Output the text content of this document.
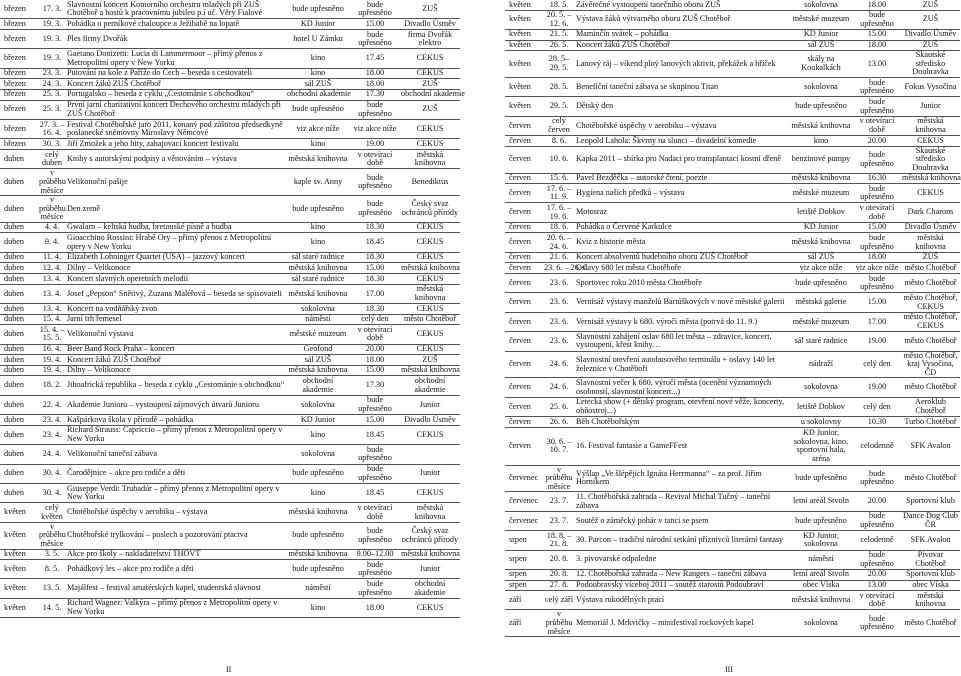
březen	17. 3.	Slavnostní koncert Komorního orchestru mladých při ZUŠ Chotěboř a hostů k pracovnímu jubileu p.í uč. Věry Fialové	bude upřesněno	bude upřesněno	ZUŠ
březen	19. 3.	Pohádka o perníkové chaloupce a Ježibabě na lopatě	KD Junior	15.00	Divadlo Úsměv
březen	19. 3.	Ples firmy Dvořák	hotel U Zámku	bude upřesněno	firma Dvořák elektro
březen	19. 3.	Gaetano Donizetti: Lucia di Lammermoor – přímý přenos z Metropolitní opery v New Yorku	kino	17.45	CEKUS
březen	23. 3.	Putování na kole z Paříže do Čech – beseda s cestovateli	kino	18.00	CEKUS
březen	24. 3.	Koncert žáků ZUŠ Chotěboř	sál ZUŠ	18.00	ZUŠ
březen	25. 3.	Portugalsko – beseda z cyklu „Cestománie s obchodkou“	obchodní akademie	17.30	obchodní akademie
březen	25. 3.	První jarní charitativní koncert Dechového orchestru mladých při ZUŠ Chotěboř	bude upřesněno	bude upřesněno	ZUŠ
březen	27. 3. – 16. 4.	Festival Chotěbořské jaro 2011, konaný pod záštitou předsedkyně poslanecké sněmovny Miroslavy Němcové	viz akce níže	viz akce níže	CEKUS
březen	30. 3.	Jiří Zmožek a jeho hity, zahajovací koncert festivalu	kino	19.00	CEKUS
duben	celý duben	Knihy s autorskými podpisy a věnováním – výstava	městská knihovna	v otevírací době	městská knihovna
duben	v průběhu měsíce	Velikonoční pašije	kaple sv. Anny	bude upřesněno	Benediktus
duben	v průběhu měsíce	Den země	bude upřesněno	bude upřesněno	Český svaz ochránců přírody
duben	4. 4.	Gwalarn – keltská hudba, bretonské písně a hudba	kino	18.30	CEKUS
duben	9. 4.	Gioacchino Rossini: Hrabě Ory – přímý přenos z Metropolitní opery v New Yorku	kino	18.45	CEKUS
duben	11. 4.	Elizabeth Lohninger Quartet (USA) – jazzový koncert	sál staré radnice	18.30	CEKUS
duben	12. 4.	Dílny – Velikonoce	městská knihovna	15.00	městská knihovna
duben	13. 4.	Koncert slavných operetních melodií	sál staré radnice	18.30	CEKUS
duben	13. 4.	Josef „Pepson“ Snětivý, Zuzana Maléřová – beseda se spisovateli	městská knihovna	17.00	městská knihovna
duben	13. 4.	Koncert na vodňářský zvon	sokolovna	18.30	CEKUS
duben	15. 4.	Jarní trh řemesel	náměstí	celý den	město Chotěboř
duben	15. 4. – 15. 5.	Velikonoční výstava	městské muzeum	v otevírací době	CEKUS
duben	16. 4.	Beer Band Rock Praha – koncert	Geofond	20.00	CEKUS
duben	19. 4.	Koncert žáků ZUŠ Chotěboř	sál ZUŠ	18.00	ZUŠ
duben	19. 4.	Dílny – Velikonoce	městská knihovna	15.00	městská knihovna
duben	18. 2.	Jihoafrická republika – beseda z cyklu „Cestománie s obchodkou“	obchodní akademie	17.30	obchodní akademie
duben	22. 4.	Akademie Junioru – vystoupení zájmových útvarů Junioru	sokolovna	bude upřesněno	Junior
duben	23. 4.	Kašpárkova škola v přírodě – pohádka	KD Junior	15.00	Divadlo Úsměv
duben	23. 4.	Richard Strauss: Capriccio – přímý přenos z Metropolitní opery v New Yorku	kino	18.45	CEKUS
duben	24. 4.	Velikonoční taneční zábava	sokolovna	bude upřesněno	
duben	30. 4.	Čarodějnice – akce pro rodiče a děti	bude upřesněno	bude upřesněno	Junior
duben	30. 4.	Giuseppe Verdi: Trubadúr – přímý přenos z Metropolitní opery v New Yorku	kino	18.45	CEKUS
květen	celý květen	Chotěbořské úspěchy v aerobiku – výstava	městská knihovna	v otevírací době	městská knihovna
květen	v průběhu měsíce	Chotěbořské trylkování – poslech a pozorování ptactva	bude upřesněno	bude upřesněno	Český svaz ochránců přírody
květen	3. 5.	Akce pro školy – nakladatelství THOVT	městská knihovna	9.00–12.00	městská knihovna
květen	8. 5.	Pohádkový les – akce pro rodiče a děti	bude upřesněno	bude upřesněno	Junior
květen	13. 5.	Majálfest – festival amatérských kapel, studentská slavnost	náměstí	bude upřesněno	obchodní akademie
květen	14. 5.	Richard Wagner: Valkýra – přímý přenos z Metropolitní opery v New Yorku	kino	18.00	CEKUS
II
květen	18. 5.	Závěrečné vystoupení tanečního oboru ZUŠ	sokolovna	18.00	ZUŠ
květen	20. 5. – 12. 6.	Výstava žáků výtvarného oboru ZUŠ Chotěboř	městské muzeum	bude upřesněno	ZUŠ
květen	21. 5.	Maminčin svátek – pohádka	KD Junior	15.00	Divadlo Úsměv
květen	26. 5.	Koncert žáků ZUŠ Chotěboř	sál ZUŠ	18.00	ZUŠ
květen	28. 5– 29. 5.	Lanový ráj – víkend plný lanových aktivit, překážek a hříček	skály na Koukalkách	13.00	Skautské středisko Doubravka
květen	28. 5.	Benefiční taneční zábava se skupinou Titan	sokolovna	bude upřesněno	Fokus Vysočina
květen	29. 5.	Dětský den	bude upřesněno	bude upřesněno	Junior
červen	celý červen	Chotěbořské úspěchy v aerobiku – výstava	městská knihovna	v otevírací době	městská knihovna
červen	8. 6.	Leopold Lahola: Škvrny na slunci – divadelní komedie	kino	20.00	CEKUS
červen	10. 6.	Kapka 2011 – sbírka pro Nadaci pro transplantaci kostní dřeně	benzinové pumpy	bude upřesněno	Skautské středisko Doubravka
červen	15. 6.	Pavel Bezděčka – autorské čtení, poezie	městská knihovna	16.30	městská knihovna
červen	17. 6. – 11. 9.	Hygiena našich předků – výstava	městské muzeum	bude upřesněno	CEKUS
červen	17. 6. – 19. 6.	Motosraz	letiště Dobkov	v otevírací době	Dark Charons
červen	18. 6.	Pohádka o Červené Karkulce	KD Junior	15.00	Divadlo Úsměv
červen	20. 6. – 24. 6.	Kvíz z historie města	městská knihovna	bude upřesněno	městská knihovna
červen	21. 6.	Koncert absolventů hudebního oboru ZUŠ Chotěboř	sál ZUŠ	18.00	ZUŠ
červen	23. 6. – 26. 6.	Oslavy 680 let města Chotěboře	viz akce níže	viz akce níže	město Chotěboř
červen	23. 6.	Sportovec roku 2010 města Chotěboře	bude upřesněno	bude upřesněno	město Chotěboř
červen	23. 6.	Vernisáž výstavy manželů Bartůškových v nové městské galerii	městská galerie	15.00	město Chotěboř, CEKUS
červen	23. 6.	Vernisáž výstavy k 680. výročí města (potrvá do 11. 9.)	městské muzeum	17.00	město Chotěboř, CEKUS
červen	23. 6.	Slavnostní zahájení oslav 680 let města – zdravice, koncert, vystoupení, křest knihy…	sál staré radnice	19.00	město Chotěboř
červen	24. 6.	Slavnostní otevření autobusového terminálu + oslavy 140 let železnice v Chotěboři	nádraží	celý den	město Chotěboř, kraj Vysočina, ČD
červen	24. 6.	Slavnostní večer k 680. výročí města (ocenění významných osobností, slavnostní koncert...)	sokolovna	19.00	město Chotěboř
červen	25. 6.	Letecká show (+ dětský program, otevření nové věže, koncerty, ohňostroj...)	letiště Dobkov	celý den	Aeroklub Chotěboř
červen	26. 6.	Běh Chotěbořským	u sokolovny	10.30	Turbo Chotěboř
červen	30. 6. – 10. 7.	16. Festival fantasie a GameFFest	KD Junior, sokolovna, kino, sportovní hala, aréna	celodenně	SFK Avalon
červenec	v průběhu měsíce	Výšlap „Ve šlépějích Ignáta Herrmanna“ – za prof. Jiřím Horníkem	bude upřesněno	bude upřesněno	město Chotěboř
červenec	23. 7.	11. Chotěbořská zahrada – Revival Michal Tučný – taneční zábava	letní areál Stvoln	20.00	Sportovní klub
červenec	23. 7.	Soutěž o záměcký pohár v tanci se psem	bude upřesněno	bude upřesněno	Dance Dog Club ČR
srpen	18. 8. – 21. 8.	30. Parcon – tradiční národní setkání příznivců literární fantasy	KD Junior, sokolovna	celodenně	SFK Avalon
srpen	20. 8.	3. pivovarské odpoledne	náměstí	bude upřesněno	Pivovar Chotěboř
srpen	20. 8.	12. Chotěbořská zahrada – New Rangers – taneční zábava	letní areál Stvoln	20.00	Sportovní klub
srpen	27. 8.	Podoubravský víceboj 2011 – soutěž starostů Podoubraví	obec Víska	13.00	obec Víska
září	celý září	Výstava rukodělných prací	městská knihovna	v otevírací době	městská knihovna
září	v průběhu měsíce	Memoriál J. Mrkvičky – minifestival rockových kapel	sokolovna	bude upřesněno	město Chotěboř
III
